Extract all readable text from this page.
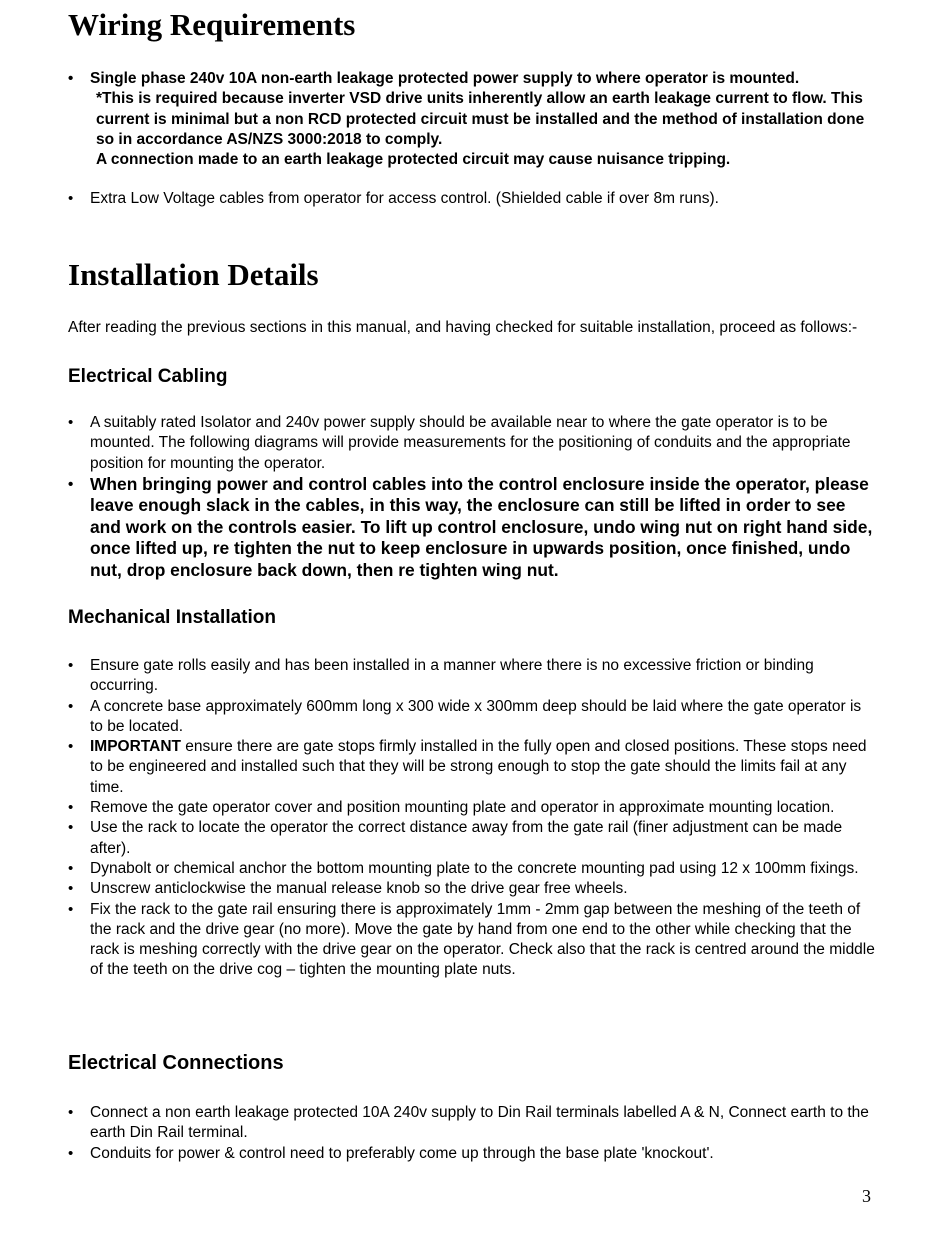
Wiring Requirements
•	Single phase 240v 10A non-earth leakage protected power supply to where operator is mounted.
*This is required because inverter VSD drive units inherently allow an earth leakage current to flow. This current is minimal but a non RCD protected circuit must be installed and the method of installation done so in accordance AS/NZS 3000:2018 to comply.
A connection made to an earth leakage protected circuit may cause nuisance tripping.
•	Extra Low Voltage cables from operator for access control. (Shielded cable if over 8m runs).
Installation Details

After reading the previous sections in this manual, and having checked for suitable installation, proceed as follows:-

Electrical Cabling
•	A suitably rated Isolator and 240v power supply should be available near to where the gate operator is to be mounted. The following diagrams will provide measurements for the positioning of conduits and the appropriate position for mounting the operator.
• When bringing power and control cables into the control enclosure inside the operator, please leave enough slack in the cables, in this way, the enclosure can still be lifted in order to see and work on the controls easier. To lift up control enclosure, undo wing nut on right hand side, once lifted up, re tighten the nut to keep enclosure in upwards position, once finished, undo nut, drop enclosure back down, then re tighten wing nut.
Mechanical Installation
•	Ensure gate rolls easily and has been installed in a manner where there is no excessive friction or binding occurring.
•	A concrete base approximately 600mm long x 300 wide x 300mm deep should be laid where the gate operator is to be located.
•	IMPORTANT ensure there are gate stops firmly installed in the fully open and closed positions. These stops need to be engineered and installed such that they will be strong enough to stop the gate should the limits fail at any time.
•	Remove the gate operator cover and position mounting plate and operator in approximate mounting location.
•	Use the rack to locate the operator the correct distance away from the gate rail (finer adjustment can be made after).
•	Dynabolt or chemical anchor the bottom mounting plate to the concrete mounting pad using 12 x 100mm fixings.
•	Unscrew anticlockwise the manual release knob so the drive gear free wheels.
•	Fix the rack to the gate rail ensuring there is approximately 1mm - 2mm gap between the meshing of the teeth of the rack and the drive gear (no more). Move the gate by hand from one end to the other while checking that the rack is meshing correctly with the drive gear on the operator. Check also that the rack is centred around the middle of the teeth on the drive cog – tighten the mounting plate nuts.
Electrical Connections
•	Connect a non earth leakage protected 10A 240v supply to Din Rail terminals labelled A & N, Connect earth to the earth Din Rail terminal.
•	Conduits for power & control need to preferably come up through the base plate 'knockout'.
3
